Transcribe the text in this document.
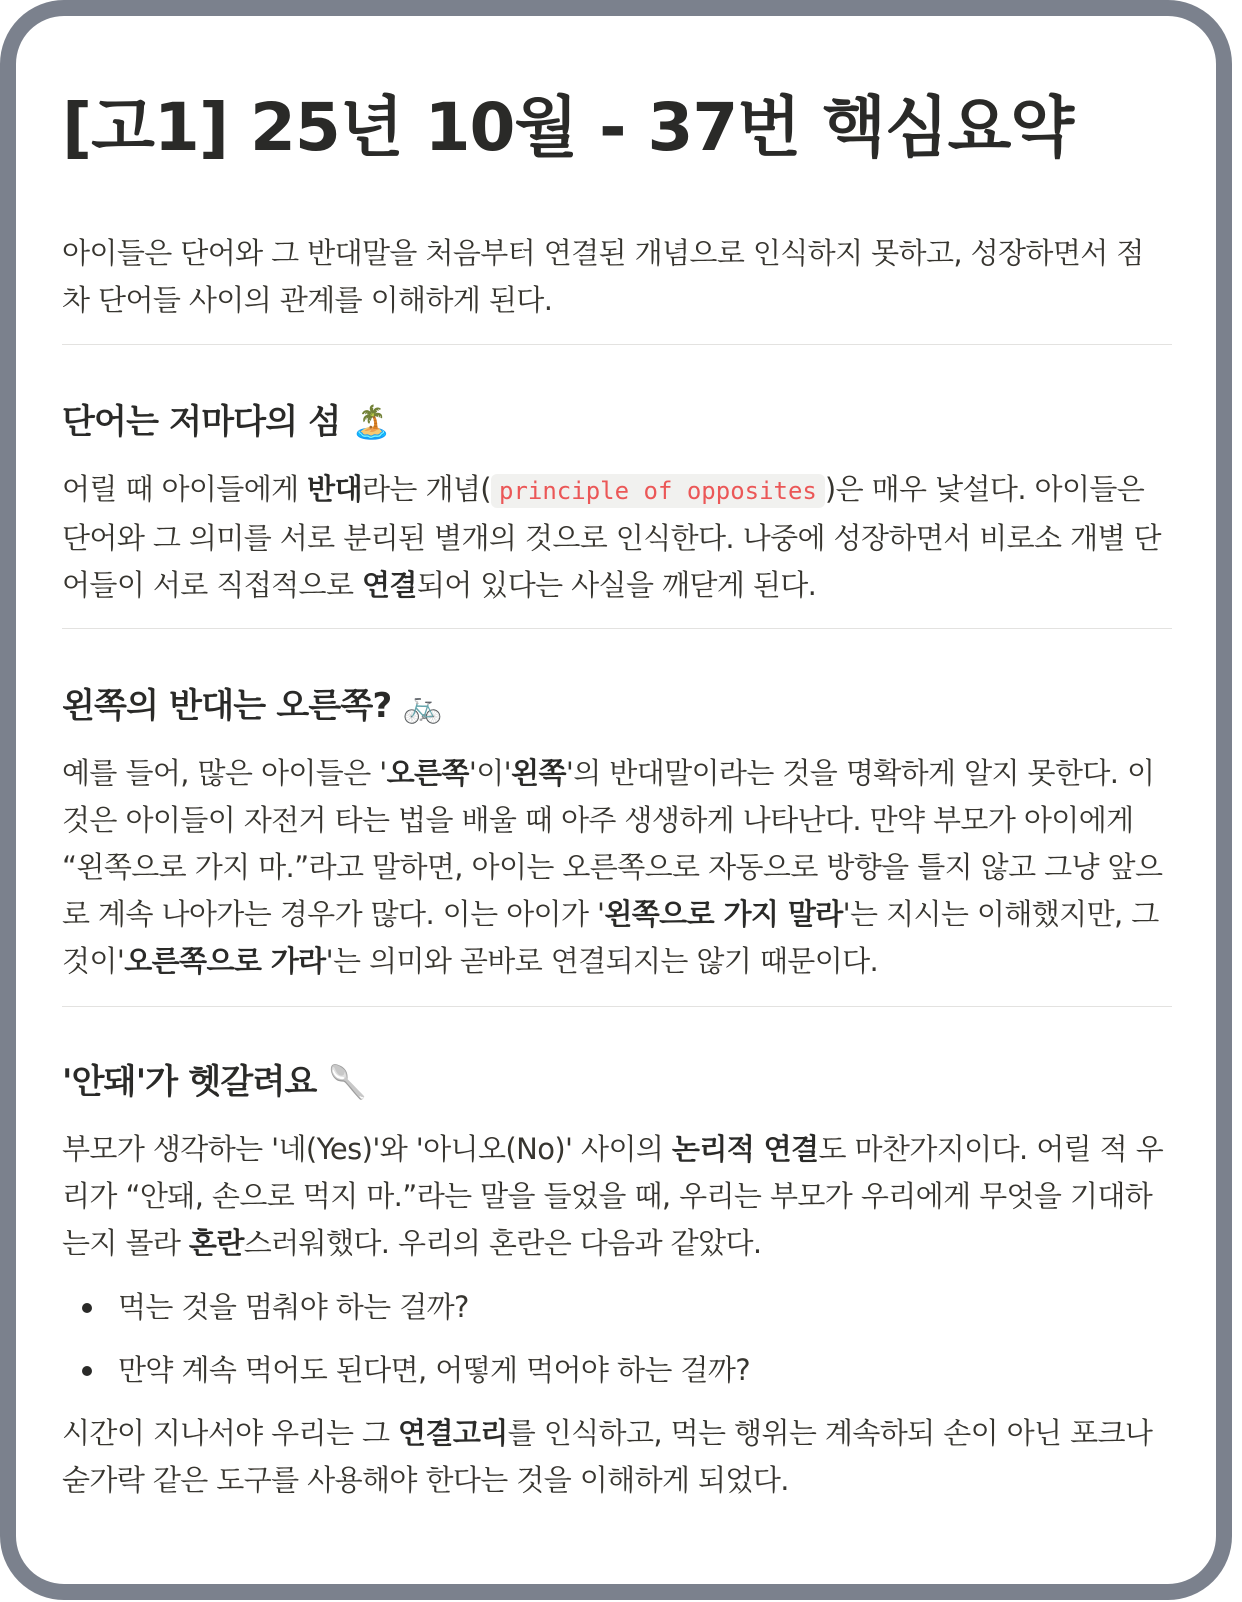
[고1] 25년 10월 - 37번 핵심요약

아이들은 단어와 그 반대말을 처음부터 연결된 개념으로 인식하지 못하고, 성장하면서 점
차 단어들 사이의 관계를 이해하게 된다.

단어는 저마다의 섬 🏝️

어릴 때 아이들에게 반대라는 개념( principle of opposites )은 매우 낯설다. 아이들은 단어와 그 의미를 서로 분리된 별개의 것으로 인식한다. 나중에 성장하면서 비로소 개별 단어들이 서로 직접적으로 연결되어 있다는 사실을 깨닫게 된다.

왼쪽의 반대는 오른쪽? 🚲

예를 들어, 많은 아이들은 '오른쪽'이'왼쪽'의 반대말이라는 것을 명확하게 알지 못한다. 이것은 아이들이 자전거 타는 법을 배울 때 아주 생생하게 나타난다. 만약 부모가 아이에게 “왼쪽으로 가지 마.”라고 말하면, 아이는 오른쪽으로 자동으로 방향을 틀지 않고 그냥 앞으로 계속 나아가는 경우가 많다. 이는 아이가 '왼쪽으로 가지 말라'는 지시는 이해했지만, 그것이'오른쪽으로 가라'는 의미와 곧바로 연결되지는 않기 때문이다.

'안돼'가 헷갈려요 🥄

부모가 생각하는 '네(Yes)'와 '아니오(No)' 사이의 논리적 연결도 마찬가지이다. 어릴 적 우리가 “안돼, 손으로 먹지 마.”라는 말을 들었을 때, 우리는 부모가 우리에게 무엇을 기대하는지 몰라 혼란스러워했다. 우리의 혼란은 다음과 같았다.

먹는 것을 멈춰야 하는 걸까?
만약 계속 먹어도 된다면, 어떻게 먹어야 하는 걸까?

시간이 지나서야 우리는 그 연결고리를 인식하고, 먹는 행위는 계속하되 손이 아닌 포크나 숟가락 같은 도구를 사용해야 한다는 것을 이해하게 되었다.
